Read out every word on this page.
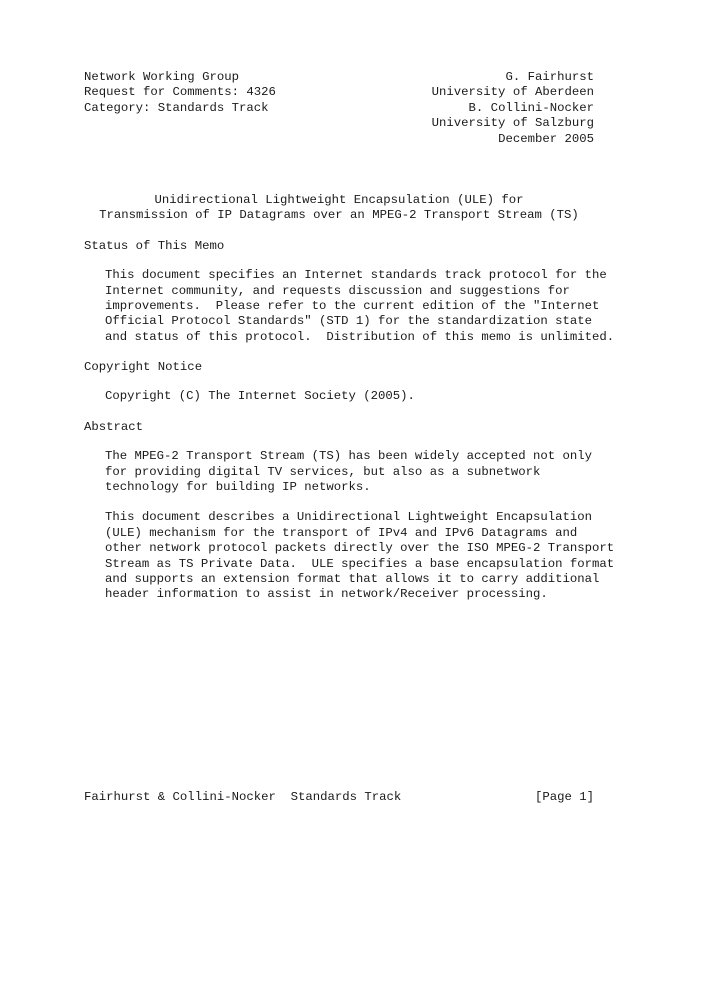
Network Working Group
Request for Comments: 4326
Category: Standards Track
G. Fairhurst
University of Aberdeen
B. Collini-Nocker
University of Salzburg
December 2005
Unidirectional Lightweight Encapsulation (ULE) for
Transmission of IP Datagrams over an MPEG-2 Transport Stream (TS)
Status of This Memo
This document specifies an Internet standards track protocol for the
Internet community, and requests discussion and suggestions for
improvements.  Please refer to the current edition of the "Internet
Official Protocol Standards" (STD 1) for the standardization state
and status of this protocol.  Distribution of this memo is unlimited.
Copyright Notice
Copyright (C) The Internet Society (2005).
Abstract
The MPEG-2 Transport Stream (TS) has been widely accepted not only
for providing digital TV services, but also as a subnetwork
technology for building IP networks.
This document describes a Unidirectional Lightweight Encapsulation
(ULE) mechanism for the transport of IPv4 and IPv6 Datagrams and
other network protocol packets directly over the ISO MPEG-2 Transport
Stream as TS Private Data.  ULE specifies a base encapsulation format
and supports an extension format that allows it to carry additional
header information to assist in network/Receiver processing.
Fairhurst & Collini-Nocker  Standards Track	[Page 1]
